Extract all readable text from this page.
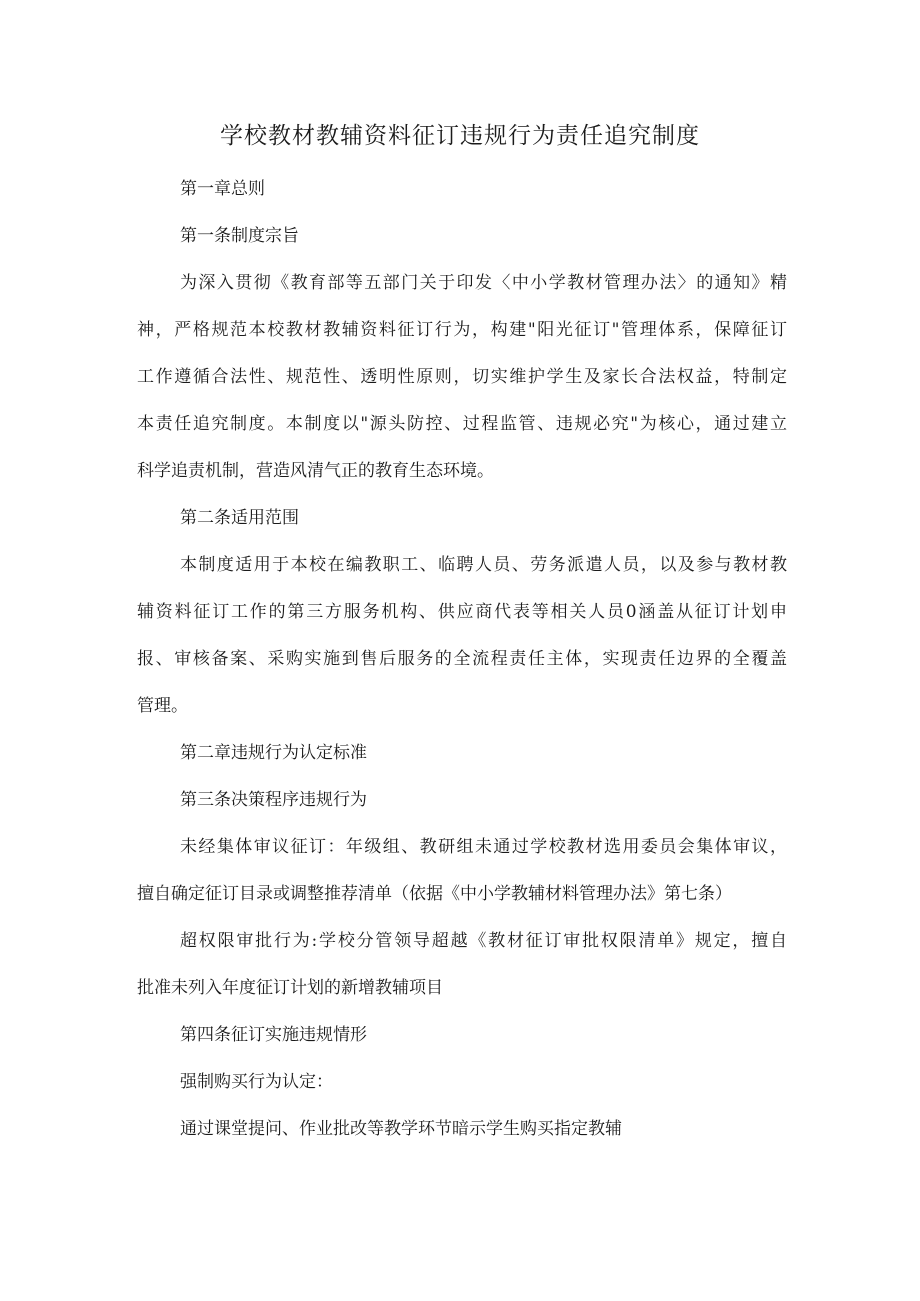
学校教材教辅资料征订违规行为责任追究制度

第一章总则

第一条制度宗旨

为深入贯彻《教育部等五部门关于印发〈中小学教材管理办法〉的通知》精

神，严格规范本校教材教辅资料征订行为，构建"阳光征订"管理体系，保障征订

工作遵循合法性、规范性、透明性原则，切实维护学生及家长合法权益，特制定

本责任追究制度。本制度以"源头防控、过程监管、违规必究"为核心，通过建立

科学追责机制，营造风清气正的教育生态环境。

第二条适用范围

本制度适用于本校在编教职工、临聘人员、劳务派遣人员，以及参与教材教

辅资料征订工作的第三方服务机构、供应商代表等相关人员0涵盖从征订计划申

报、审核备案、采购实施到售后服务的全流程责任主体，实现责任边界的全覆盖

管理。

第二章违规行为认定标准

第三条决策程序违规行为

未经集体审议征订：年级组、教研组未通过学校教材选用委员会集体审议，

擅自确定征订目录或调整推荐清单（依据《中小学教辅材料管理办法》第七条）

超权限审批行为:学校分管领导超越《教材征订审批权限清单》规定，擅自

批准未列入年度征订计划的新增教辅项目

第四条征订实施违规情形

强制购买行为认定：

通过课堂提问、作业批改等教学环节暗示学生购买指定教辅
